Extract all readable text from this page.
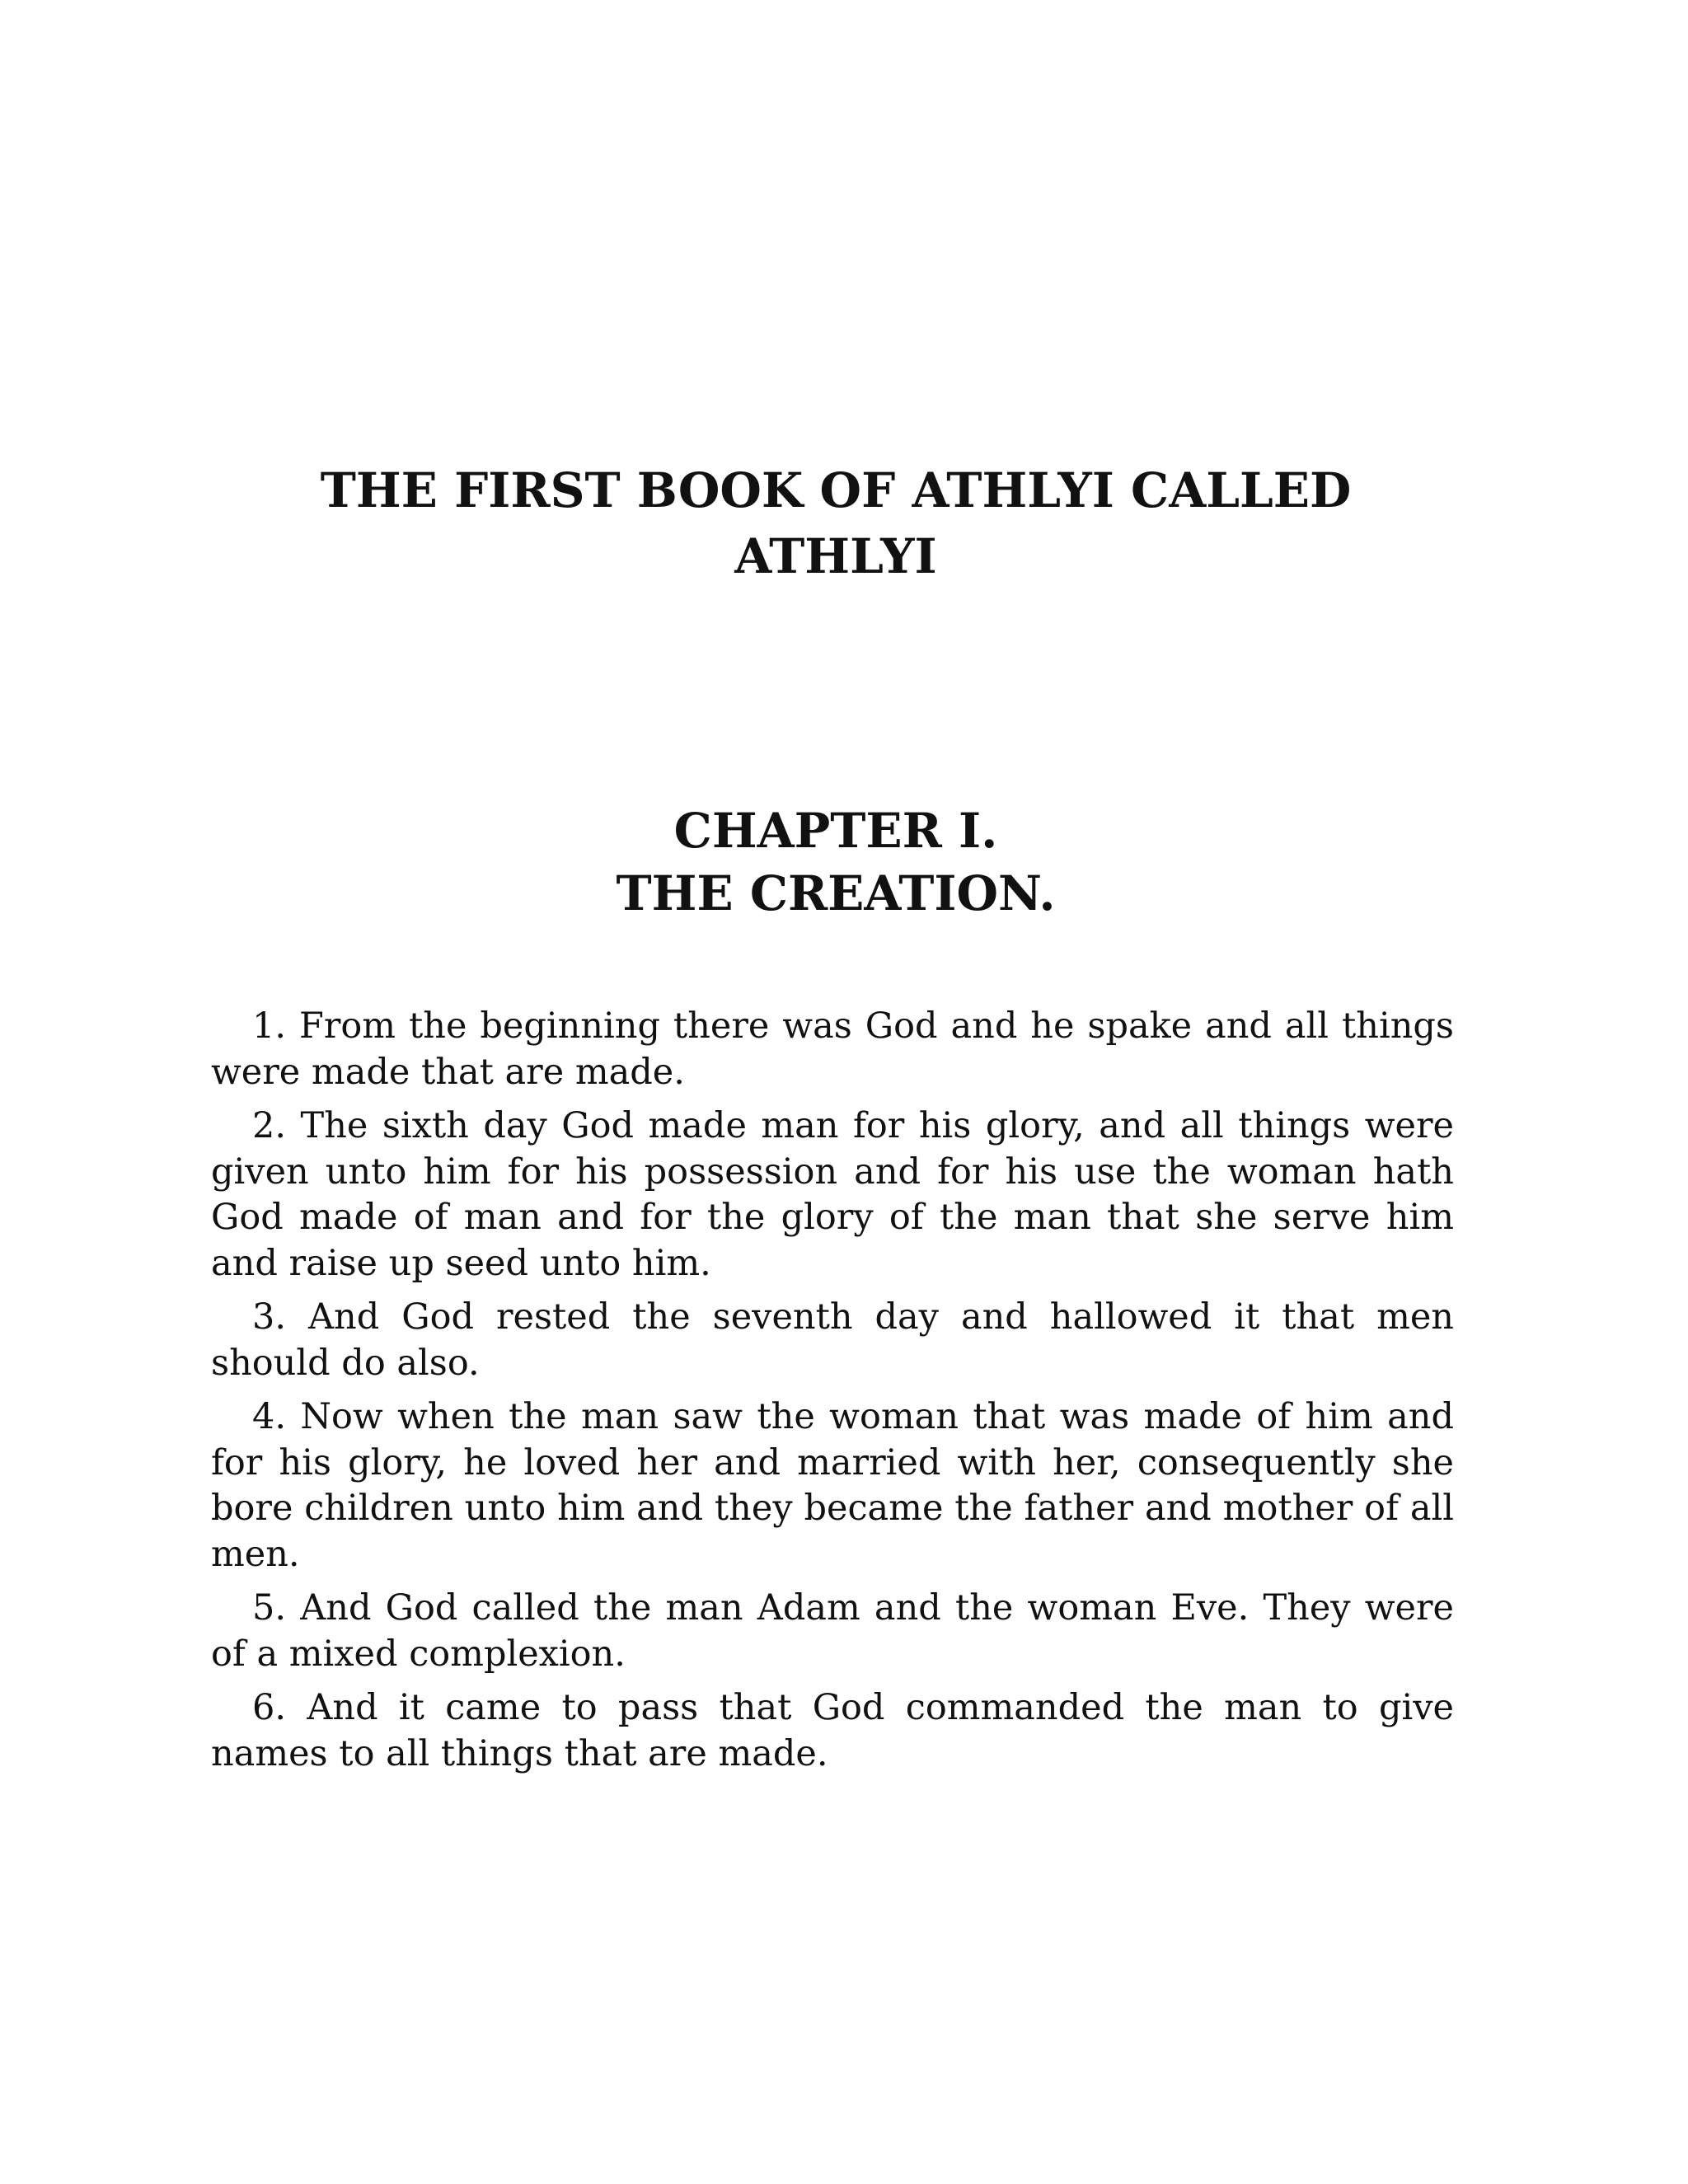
THE FIRST BOOK OF ATHLYI CALLED ATHLYI
CHAPTER I.
THE CREATION.

1. From the beginning there was God and he spake and all things were made that are made.

2. The sixth day God made man for his glory, and all things were given unto him for his possession and for his use the woman hath God made of man and for the glory of the man that she serve him and raise up seed unto him.

3. And God rested the seventh day and hallowed it that men should do also.

4. Now when the man saw the woman that was made of him and for his glory, he loved her and married with her, consequently she bore children unto him and they became the father and mother of all men.

5. And God called the man Adam and the woman Eve. They were of a mixed complexion.

6. And it came to pass that God commanded the man to give names to all things that are made.
